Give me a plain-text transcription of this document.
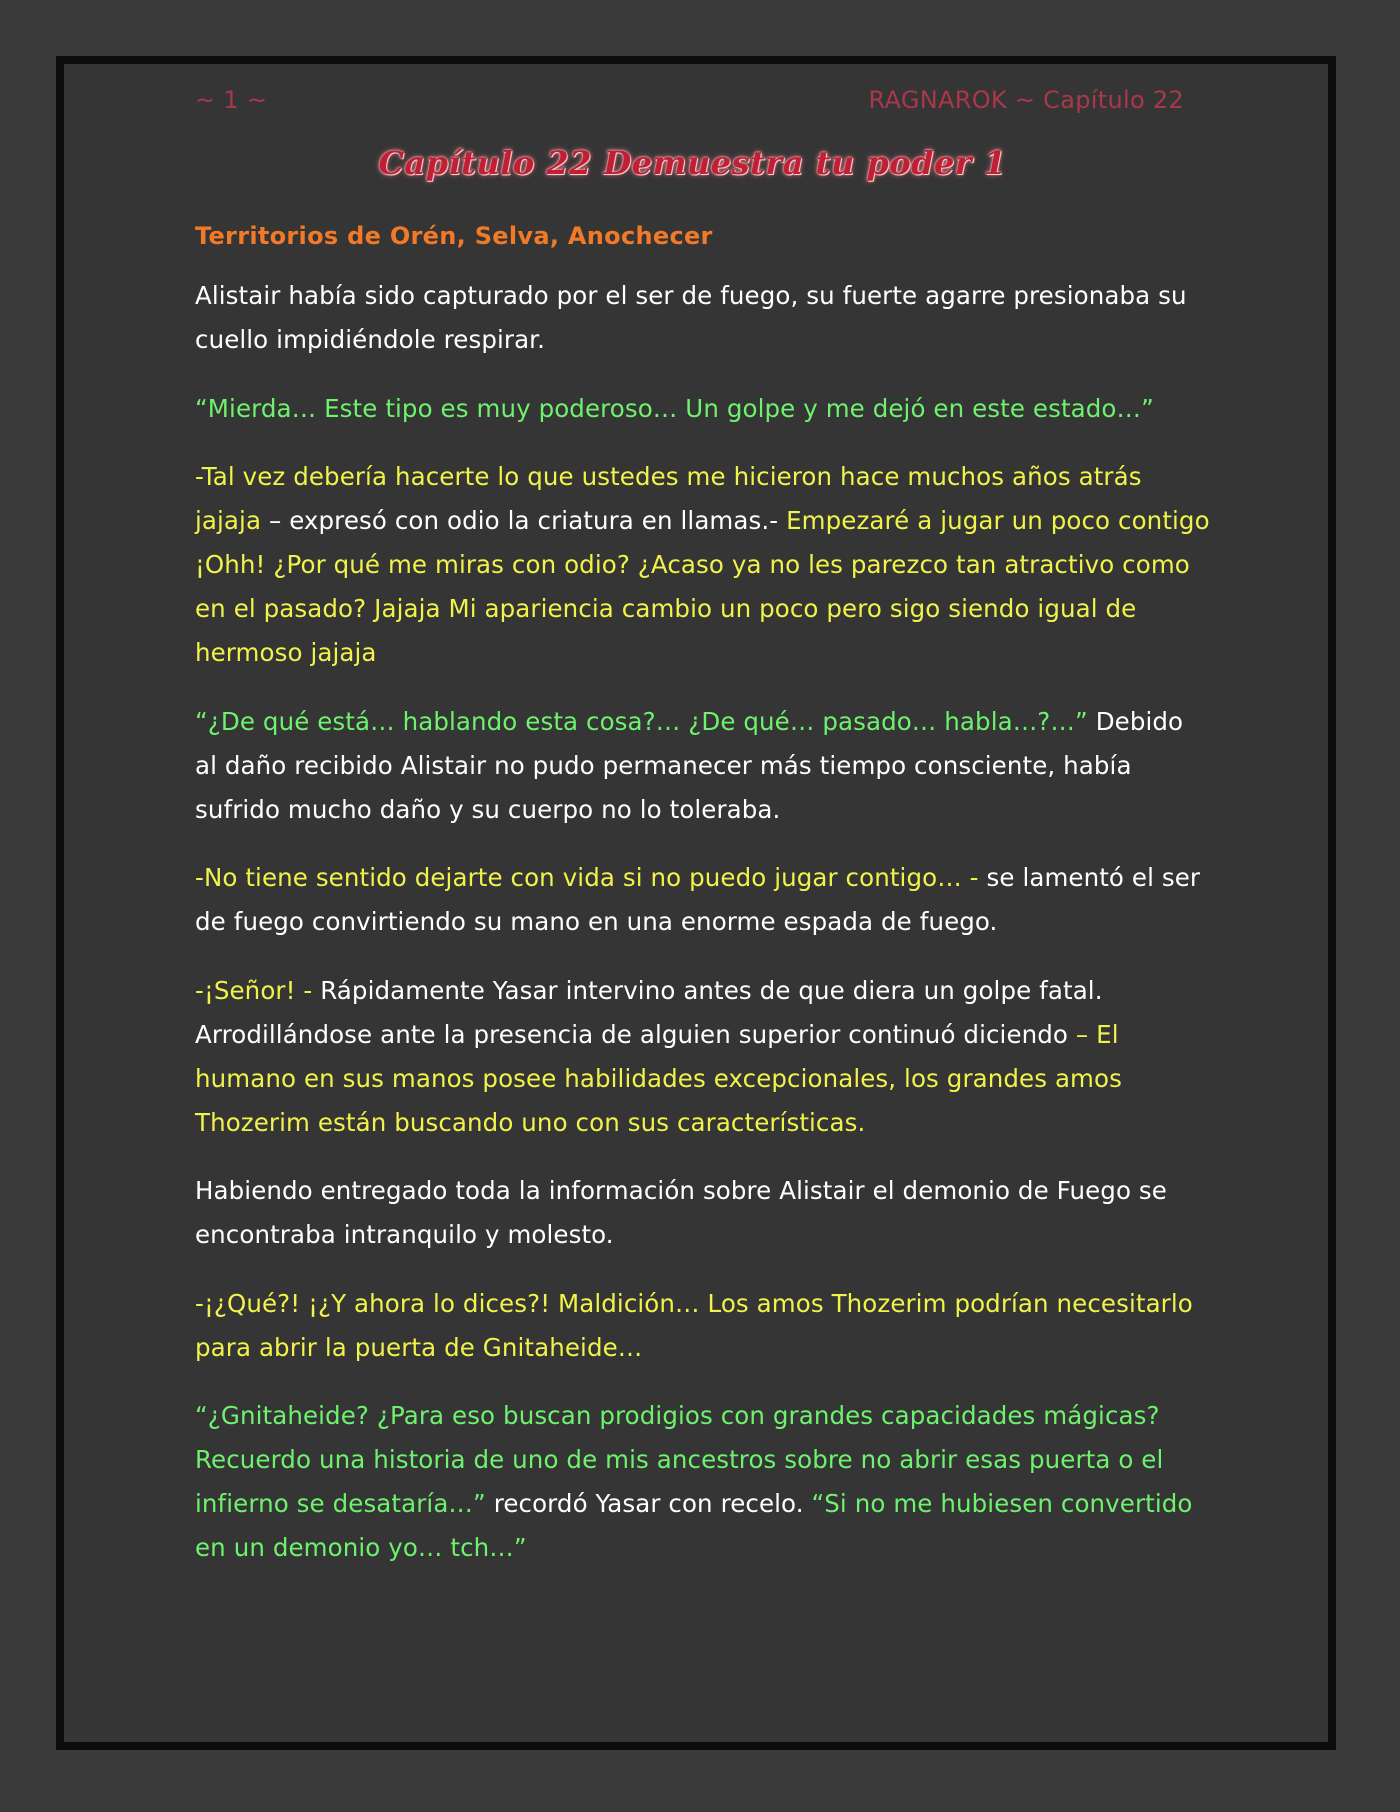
~ 1 ~	RAGNAROK ~ Capítulo 22
Capítulo 22 Demuestra tu poder 1
Territorios de Orén, Selva, Anochecer

Alistair había sido capturado por el ser de fuego, su fuerte agarre presionaba su cuello impidiéndole respirar.

“Mierda… Este tipo es muy poderoso… Un golpe y me dejó en este estado…”

-Tal vez debería hacerte lo que ustedes me hicieron hace muchos años atrás jajaja – expresó con odio la criatura en llamas.- Empezaré a jugar un poco contigo ¡Ohh! ¿Por qué me miras con odio? ¿Acaso ya no les parezco tan atractivo como en el pasado? Jajaja Mi apariencia cambio un poco pero sigo siendo igual de hermoso jajaja

“¿De qué está… hablando esta cosa?… ¿De qué… pasado… habla…?…” Debido al daño recibido Alistair no pudo permanecer más tiempo consciente, había sufrido mucho daño y su cuerpo no lo toleraba.

-No tiene sentido dejarte con vida si no puedo jugar contigo… - se lamentó el ser de fuego convirtiendo su mano en una enorme espada de fuego.

-¡Señor! - Rápidamente Yasar intervino antes de que diera un golpe fatal. Arrodillándose ante la presencia de alguien superior continuó diciendo – El humano en sus manos posee habilidades excepcionales, los grandes amos Thozerim están buscando uno con sus características.

Habiendo entregado toda la información sobre Alistair el demonio de Fuego se encontraba intranquilo y molesto.

-¡¿Qué?! ¡¿Y ahora lo dices?! Maldición… Los amos Thozerim podrían necesitarlo para abrir la puerta de Gnitaheide…

“¿Gnitaheide? ¿Para eso buscan prodigios con grandes capacidades mágicas? Recuerdo una historia de uno de mis ancestros sobre no abrir esas puerta o el infierno se desataría…” recordó Yasar con recelo. “Si no me hubiesen convertido en un demonio yo… tch…”
